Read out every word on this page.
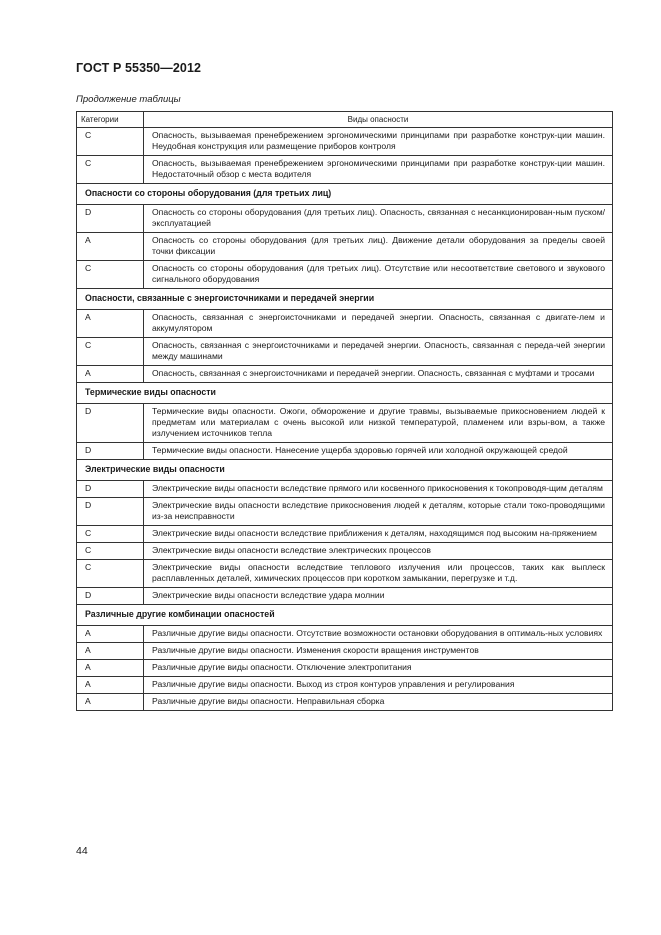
ГОСТ Р 55350—2012
Продолжение таблицы
Категории	Виды опасности
C	Опасность, вызываемая пренебрежением эргономическими принципами при разработке конструк-ции машин. Неудобная конструкция или размещение приборов контроля
C	Опасность, вызываемая пренебрежением эргономическими принципами при разработке конструк-ции машин. Недостаточный обзор с места водителя
Опасности со стороны оборудования (для третьих лиц)	
D	Опасность со стороны оборудования (для третьих лиц). Опасность, связанная с несанкционирован-ным пуском/эксплуатацией
A	Опасность со стороны оборудования (для третьих лиц). Движение детали оборудования за пределы своей точки фиксации
C	Опасность со стороны оборудования (для третьих лиц). Отсутствие или несоответствие светового и звукового сигнального оборудования
Опасности, связанные с энергоисточниками и передачей энергии	
A	Опасность, связанная с энергоисточниками и передачей энергии. Опасность, связанная с двигате-лем и аккумулятором
C	Опасность, связанная с энергоисточниками и передачей энергии. Опасность, связанная с переда-чей энергии между машинами
A	Опасность, связанная с энергоисточниками и передачей энергии. Опасность, связанная с муфтами и тросами
Термические виды опасности	
D	Термические виды опасности. Ожоги, обморожение и другие травмы, вызываемые прикосновением людей к предметам или материалам с очень высокой или низкой температурой, пламенем или взры-вом, а также излучением источников тепла
D	Термические виды опасности. Нанесение ущерба здоровью горячей или холодной окружающей средой
Электрические виды опасности	
D	Электрические виды опасности вследствие прямого или косвенного прикосновения к токопроводя-щим деталям
D	Электрические виды опасности вследствие прикосновения людей к деталям, которые стали токо-проводящими из-за неисправности
C	Электрические виды опасности вследствие приближения к деталям, находящимся под высоким на-пряжением
C	Электрические виды опасности вследствие электрических процессов
C	Электрические виды опасности вследствие теплового излучения или процессов, таких как выплеск расплавленных деталей, химических процессов при коротком замыкании, перегрузке и т.д.
D	Электрические виды опасности вследствие удара молнии
Различные другие комбинации опасностей	
A	Различные другие виды опасности. Отсутствие возможности остановки оборудования в оптималь-ных условиях
A	Различные другие виды опасности. Изменения скорости вращения инструментов
A	Различные другие виды опасности. Отключение электропитания
A	Различные другие виды опасности. Выход из строя контуров управления и регулирования
A	Различные другие виды опасности. Неправильная сборка
44
